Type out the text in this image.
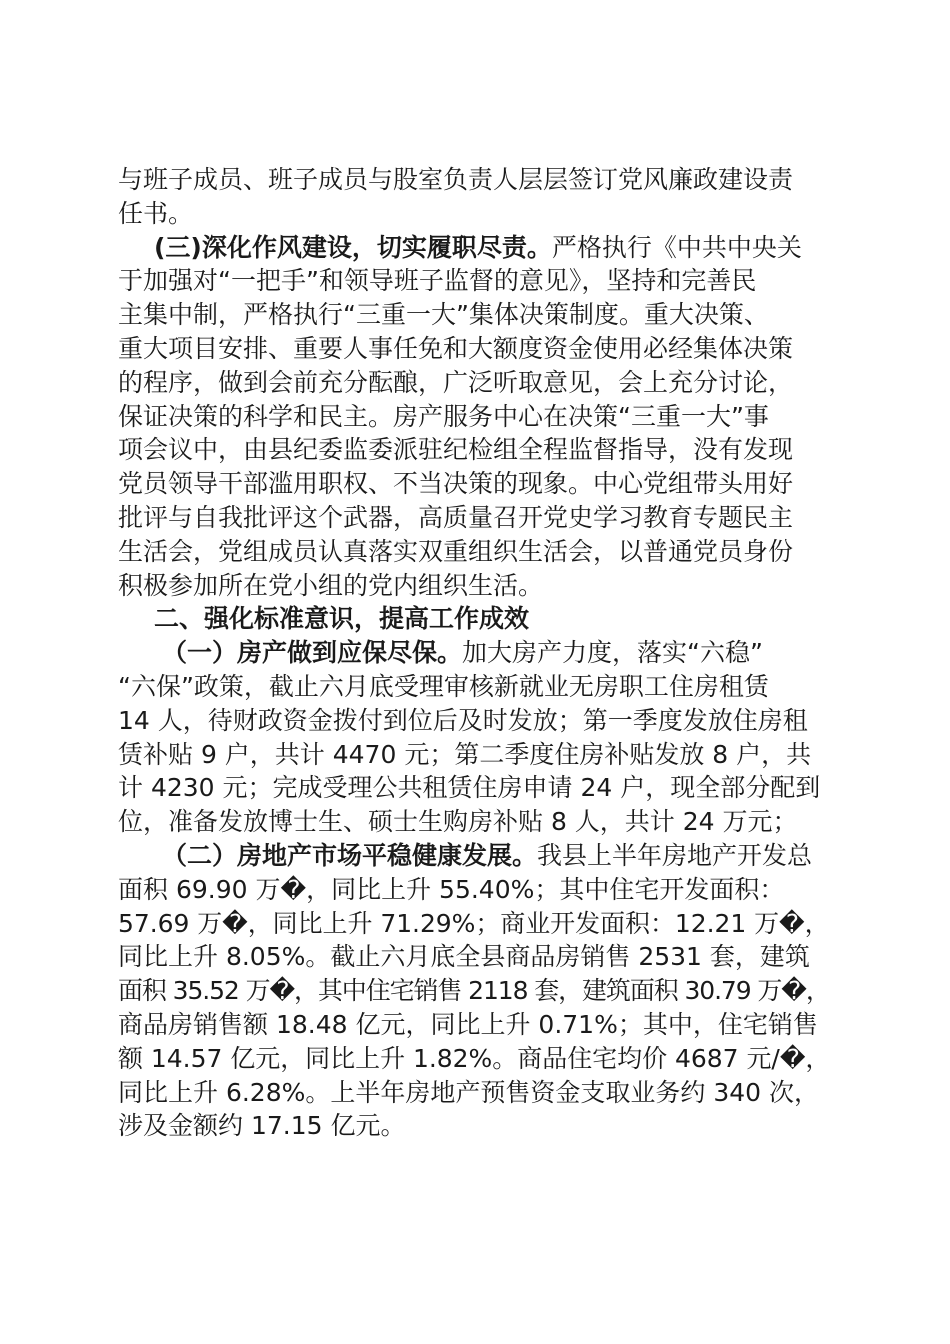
与班子成员、班子成员与股室负责人层层签订党风廉政建设责
任书。
(三)深化作风建设，切实履职尽责。严格执行《中共中央关
于加强对“一把手”和领导班子监督的意见》，坚持和完善民
主集中制，严格执行“三重一大”集体决策制度。重大决策、
重大项目安排、重要人事任免和大额度资金使用必经集体决策
的程序，做到会前充分酝酿，广泛听取意见，会上充分讨论，
保证决策的科学和民主。房产服务中心在决策“三重一大”事
项会议中，由县纪委监委派驻纪检组全程监督指导，没有发现
党员领导干部滥用职权、不当决策的现象。中心党组带头用好
批评与自我批评这个武器，高质量召开党史学习教育专题民主
生活会，党组成员认真落实双重组织生活会，以普通党员身份
积极参加所在党小组的党内组织生活。
二、强化标准意识，提高工作成效
（一）房产做到应保尽保。加大房产力度，落实“六稳”
“六保”政策，截止六月底受理审核新就业无房职工住房租赁
14 人，待财政资金拨付到位后及时发放；第一季度发放住房租
赁补贴 9 户，共计 4470 元；第二季度住房补贴发放 8 户，共
计 4230 元；完成受理公共租赁住房申请 24 户，现全部分配到
位，准备发放博士生、硕士生购房补贴 8 人，共计 24 万元；
（二）房地产市场平稳健康发展。我县上半年房地产开发总
面积 69.90 万�，同比上升 55.40%；其中住宅开发面积：
57.69 万�，同比上升 71.29%；商业开发面积：12.21 万�，
同比上升 8.05%。截止六月底全县商品房销售 2531 套，建筑
面积 35.52 万�，其中住宅销售 2118 套，建筑面积 30.79 万�，
商品房销售额 18.48 亿元，同比上升 0.71%；其中，住宅销售
额 14.57 亿元，同比上升 1.82%。商品住宅均价 4687 元/�，
同比上升 6.28%。上半年房地产预售资金支取业务约 340 次，
涉及金额约 17.15 亿元。
